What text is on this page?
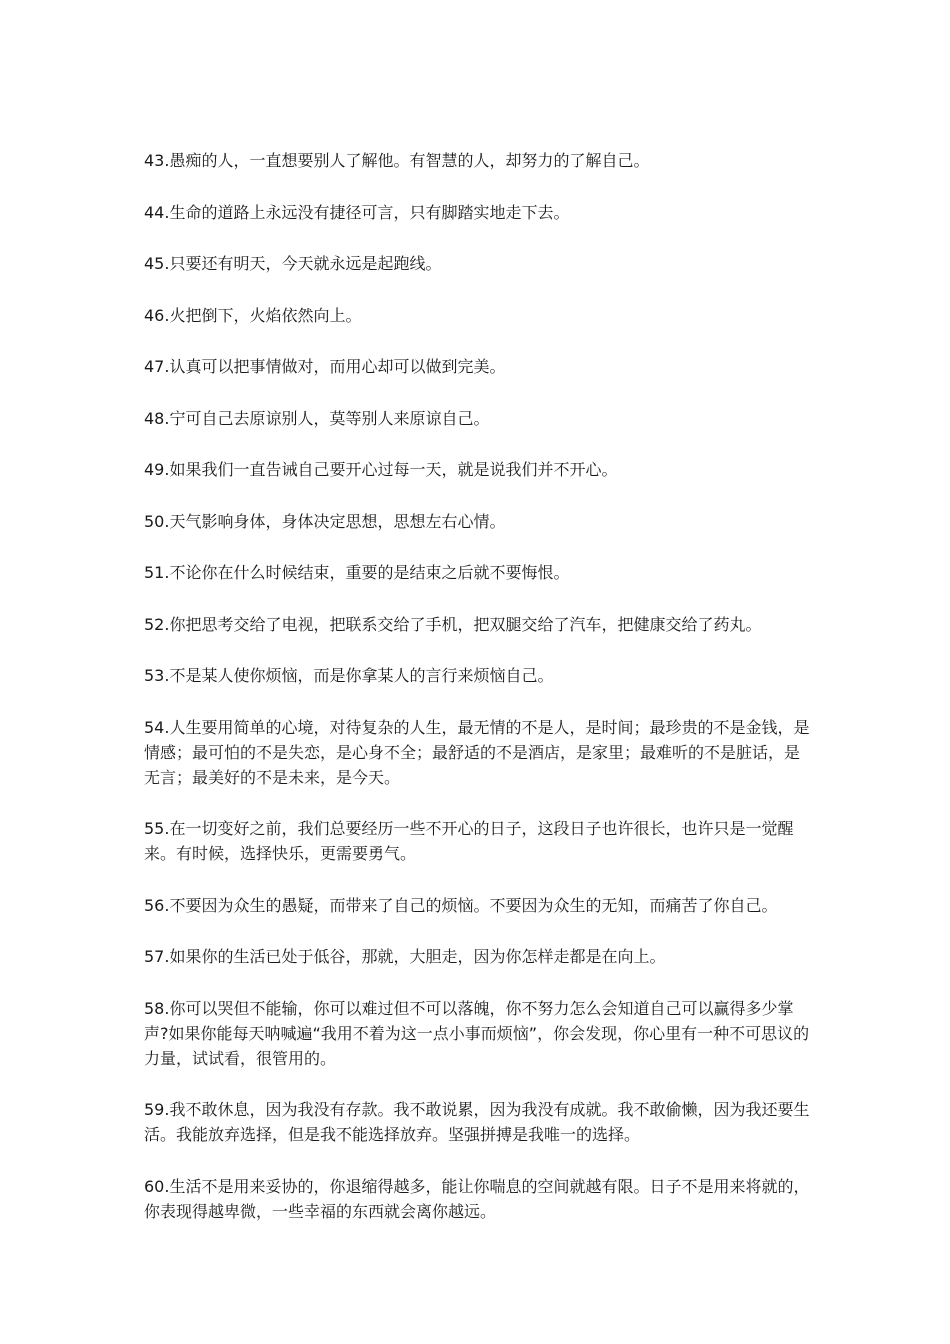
43.愚痴的人，一直想要别人了解他。有智慧的人，却努力的了解自己。

44.生命的道路上永远没有捷径可言，只有脚踏实地走下去。

45.只要还有明天，今天就永远是起跑线。

46.火把倒下，火焰依然向上。

47.认真可以把事情做对，而用心却可以做到完美。

48.宁可自己去原谅别人，莫等别人来原谅自己。

49.如果我们一直告诫自己要开心过每一天，就是说我们并不开心。

50.天气影响身体，身体决定思想，思想左右心情。

51.不论你在什么时候结束，重要的是结束之后就不要悔恨。

52.你把思考交给了电视，把联系交给了手机，把双腿交给了汽车，把健康交给了药丸。

53.不是某人使你烦恼，而是你拿某人的言行来烦恼自己。

54.人生要用简单的心境，对待复杂的人生，最无情的不是人，是时间；最珍贵的不是金钱，是情感；最可怕的不是失恋，是心身不全；最舒适的不是酒店，是家里；最难听的不是脏话，是无言；最美好的不是未来，是今天。

55.在一切变好之前，我们总要经历一些不开心的日子，这段日子也许很长，也许只是一觉醒来。有时候，选择快乐，更需要勇气。

56.不要因为众生的愚疑，而带来了自己的烦恼。不要因为众生的无知，而痛苦了你自己。

57.如果你的生活已处于低谷，那就，大胆走，因为你怎样走都是在向上。

58.你可以哭但不能输，你可以难过但不可以落魄，你不努力怎么会知道自己可以赢得多少掌声?如果你能每天呐喊遍“我用不着为这一点小事而烦恼”，你会发现，你心里有一种不可思议的力量，试试看，很管用的。

59.我不敢休息，因为我没有存款。我不敢说累，因为我没有成就。我不敢偷懒，因为我还要生活。我能放弃选择，但是我不能选择放弃。坚强拼搏是我唯一的选择。

60.生活不是用来妥协的，你退缩得越多，能让你喘息的空间就越有限。日子不是用来将就的，你表现得越卑微，一些幸福的东西就会离你越远。
